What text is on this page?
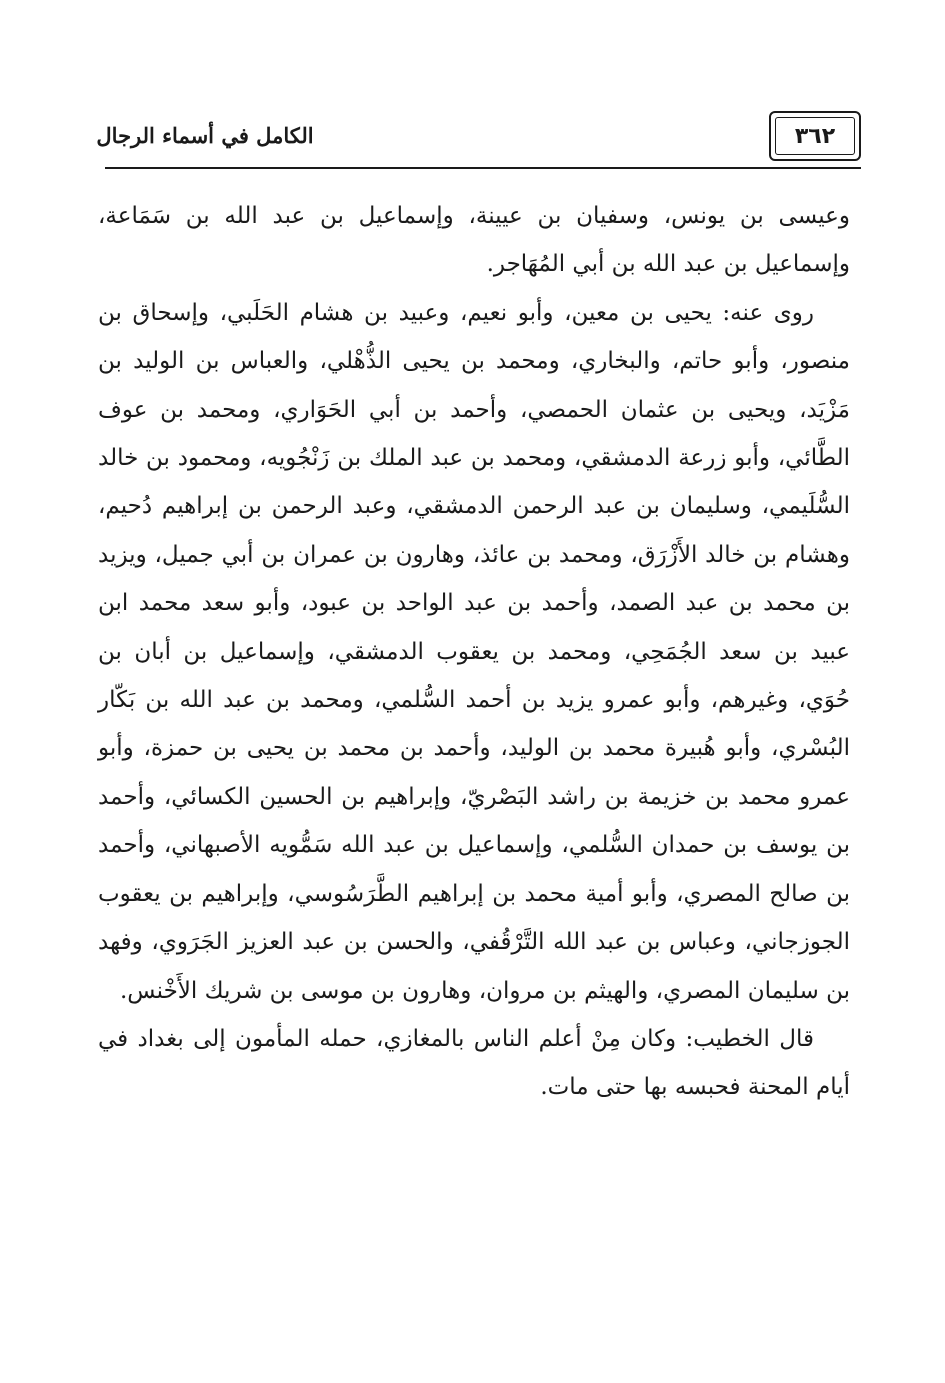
٣٦٢
الكامل في أسماء الرجال

وعيسى بن يونس، وسفيان بن عيينة، وإسماعيل بن عبد الله بن سَمَاعة، وإسماعيل بن عبد الله بن أبي المُهَاجر.

روى عنه: يحيى بن معين، وأبو نعيم، وعبيد بن هشام الحَلَبي، وإسحاق بن منصور، وأبو حاتم، والبخاري، ومحمد بن يحيى الذُّهْلي، والعباس بن الوليد بن مَزْيَد، ويحيى بن عثمان الحمصي، وأحمد بن أبي الحَوَاري، ومحمد بن عوف الطَّائي، وأبو زرعة الدمشقي، ومحمد بن عبد الملك بن زَنْجُويه، ومحمود بن خالد السُّلَيمي، وسليمان بن عبد الرحمن الدمشقي، وعبد الرحمن بن إبراهيم دُحيم، وهشام بن خالد الأَزْرَق، ومحمد بن عائذ، وهارون بن عمران بن أبي جميل، ويزيد بن محمد بن عبد الصمد، وأحمد بن عبد الواحد بن عبود، وأبو سعد محمد ابن عبيد بن سعد الجُمَحِي، ومحمد بن يعقوب الدمشقي، وإسماعيل بن أبان بن حُوَي، وغيرهم، وأبو عمرو يزيد بن أحمد السُّلمي، ومحمد بن عبد الله بن بَكّار البُسْري، وأبو هُبيرة محمد بن الوليد، وأحمد بن محمد بن يحيى بن حمزة، وأبو عمرو محمد بن خزيمة بن راشد البَصْريّ، وإبراهيم بن الحسين الكسائي، وأحمد بن يوسف بن حمدان السُّلمي، وإسماعيل بن عبد الله سَمُّويه الأصبهاني، وأحمد بن صالح المصري، وأبو أمية محمد بن إبراهيم الطَّرَسُوسي، وإبراهيم بن يعقوب الجوزجاني، وعباس بن عبد الله التَّرْقُفي، والحسن بن عبد العزيز الجَرَوي، وفهد بن سليمان المصري، والهيثم بن مروان، وهارون بن موسى بن شريك الأَخْنس.

قال الخطيب: وكان مِنْ أعلم الناس بالمغازي، حمله المأمون إلى بغداد في أيام المحنة فحبسه بها حتى مات.
